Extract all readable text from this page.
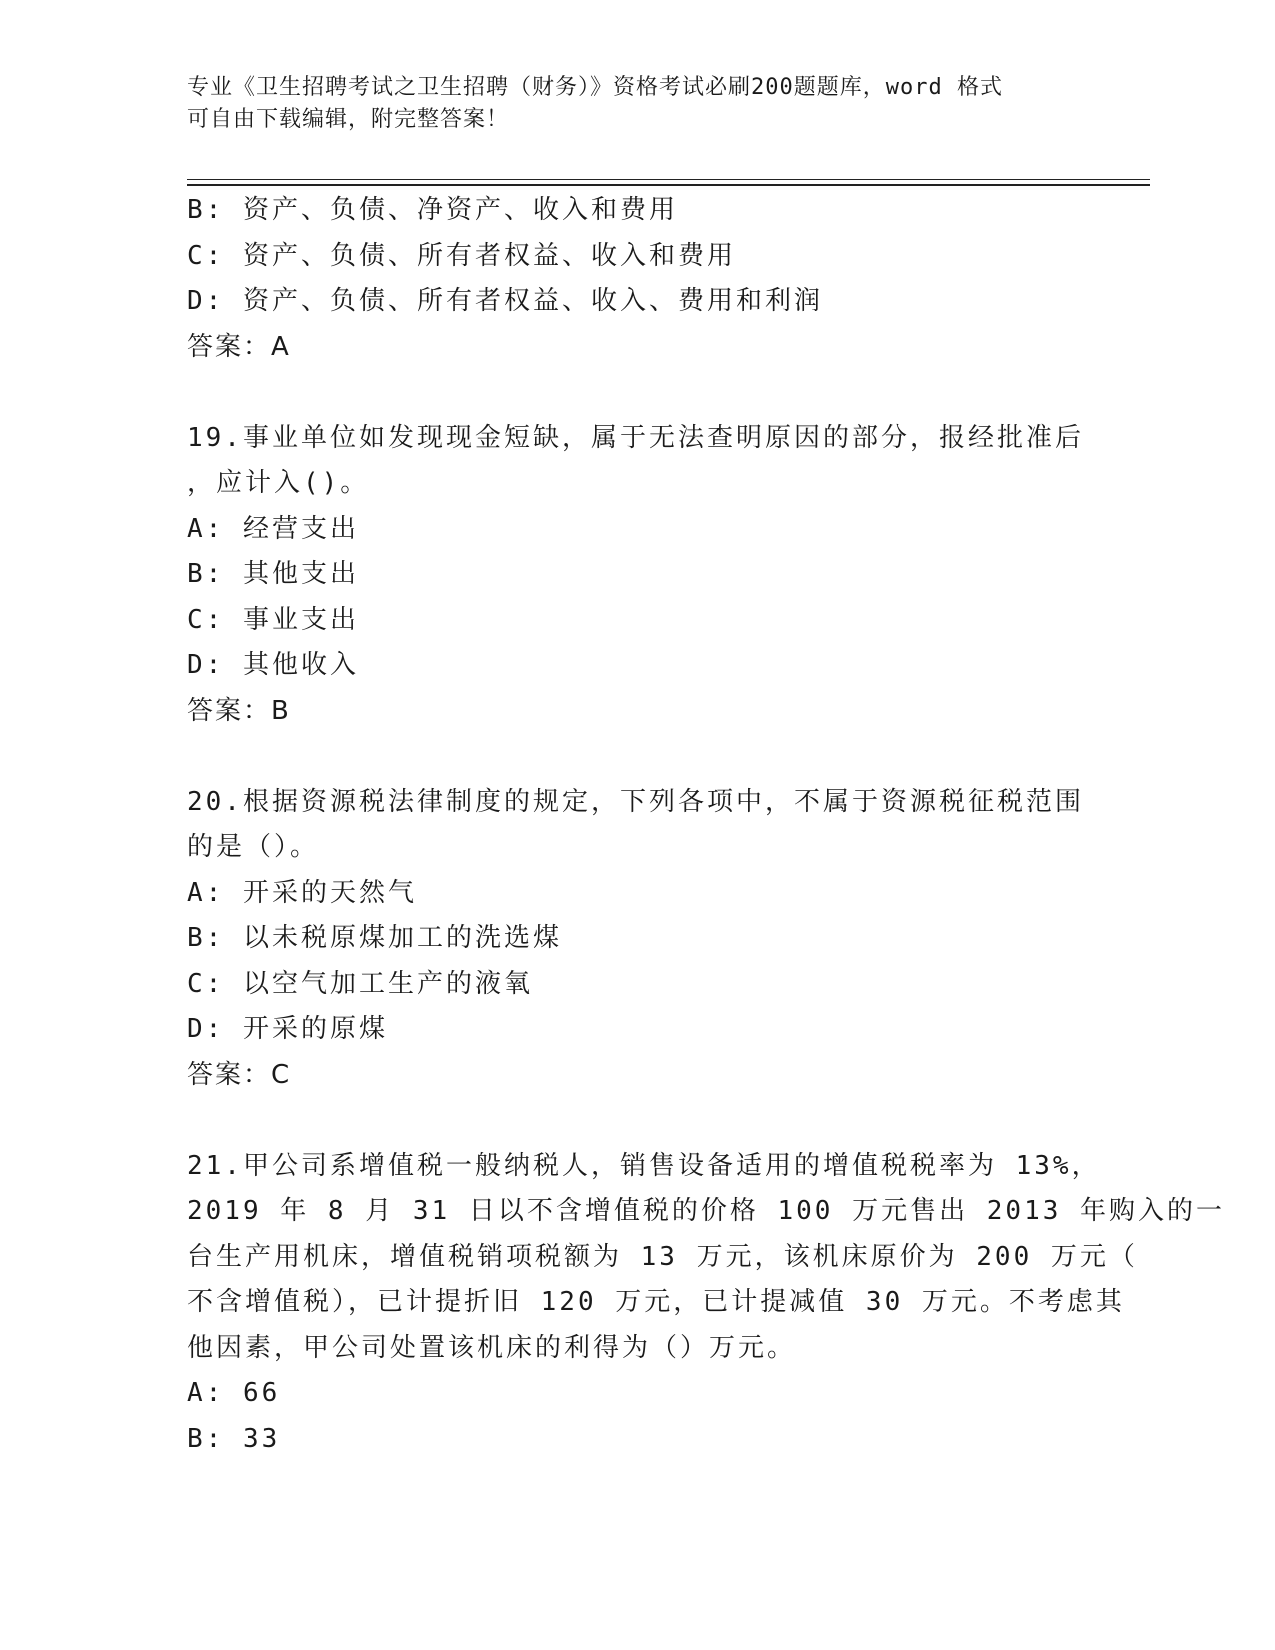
专业《卫生招聘考试之卫生招聘（财务）》资格考试必刷200题题库，word 格式
可自由下载编辑，附完整答案！
B: 资产、负债、净资产、收入和费用
C: 资产、负债、所有者权益、收入和费用
D: 资产、负债、所有者权益、收入、费用和利润
答案：A
19.事业单位如发现现金短缺，属于无法查明原因的部分，报经批准后
，应计入()。
A: 经营支出
B: 其他支出
C: 事业支出
D: 其他收入
答案：B
20.根据资源税法律制度的规定，下列各项中，不属于资源税征税范围
的是（）。
A: 开采的天然气
B: 以未税原煤加工的洗选煤
C: 以空气加工生产的液氧
D: 开采的原煤
答案：C
21.甲公司系增值税一般纳税人，销售设备适用的增值税税率为 13%，
2019 年 8 月 31 日以不含增值税的价格 100 万元售出 2013 年购入的一
台生产用机床，增值税销项税额为 13 万元，该机床原价为 200 万元（
不含增值税），已计提折旧 120 万元，已计提减值 30 万元。不考虑其
他因素，甲公司处置该机床的利得为（）万元。
A: 66
B: 33
